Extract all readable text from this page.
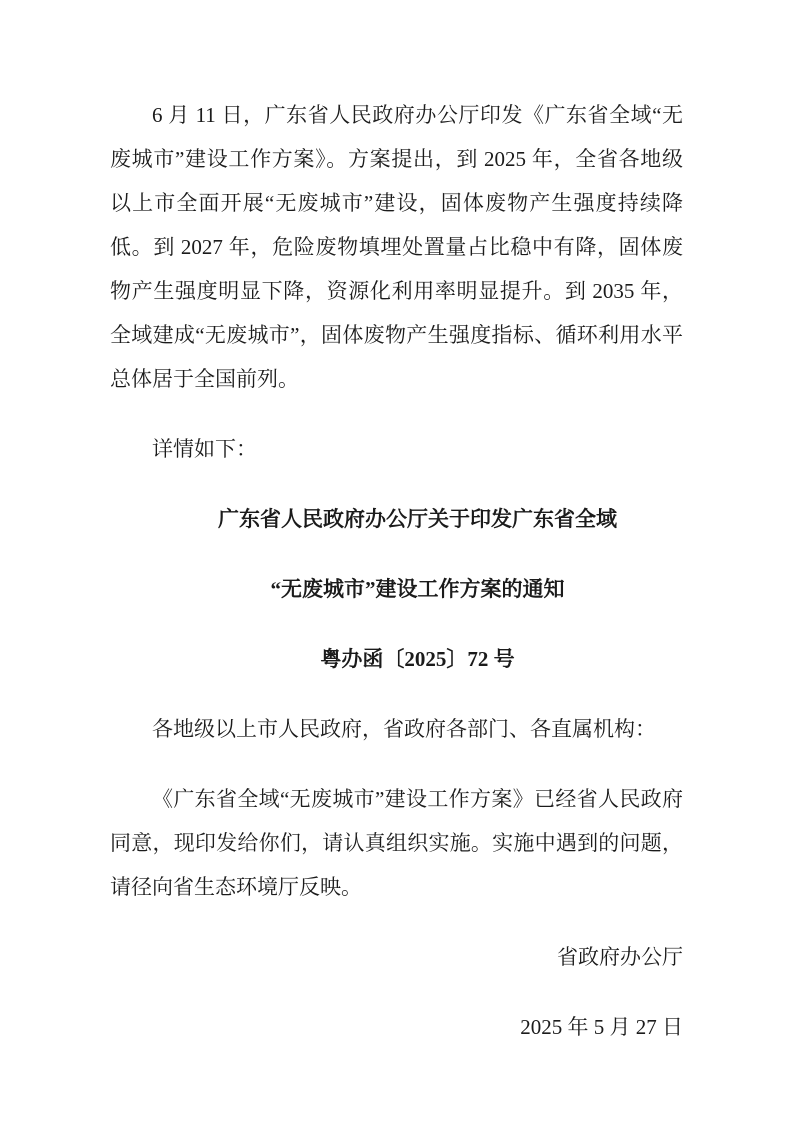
6 月 11 日，广东省人民政府办公厅印发《广东省全域“无废城市”建设工作方案》。方案提出，到 2025 年，全省各地级以上市全面开展“无废城市”建设，固体废物产生强度持续降低。到 2027 年，危险废物填埋处置量占比稳中有降，固体废物产生强度明显下降，资源化利用率明显提升。到 2035 年，全域建成“无废城市”，固体废物产生强度指标、循环利用水平总体居于全国前列。

详情如下：

广东省人民政府办公厅关于印发广东省全域
“无废城市”建设工作方案的通知
粤办函〔2025〕72 号

各地级以上市人民政府，省政府各部门、各直属机构：

《广东省全域“无废城市”建设工作方案》已经省人民政府同意，现印发给你们，请认真组织实施。实施中遇到的问题，请径向省生态环境厅反映。

省政府办公厅

2025 年 5 月 27 日
